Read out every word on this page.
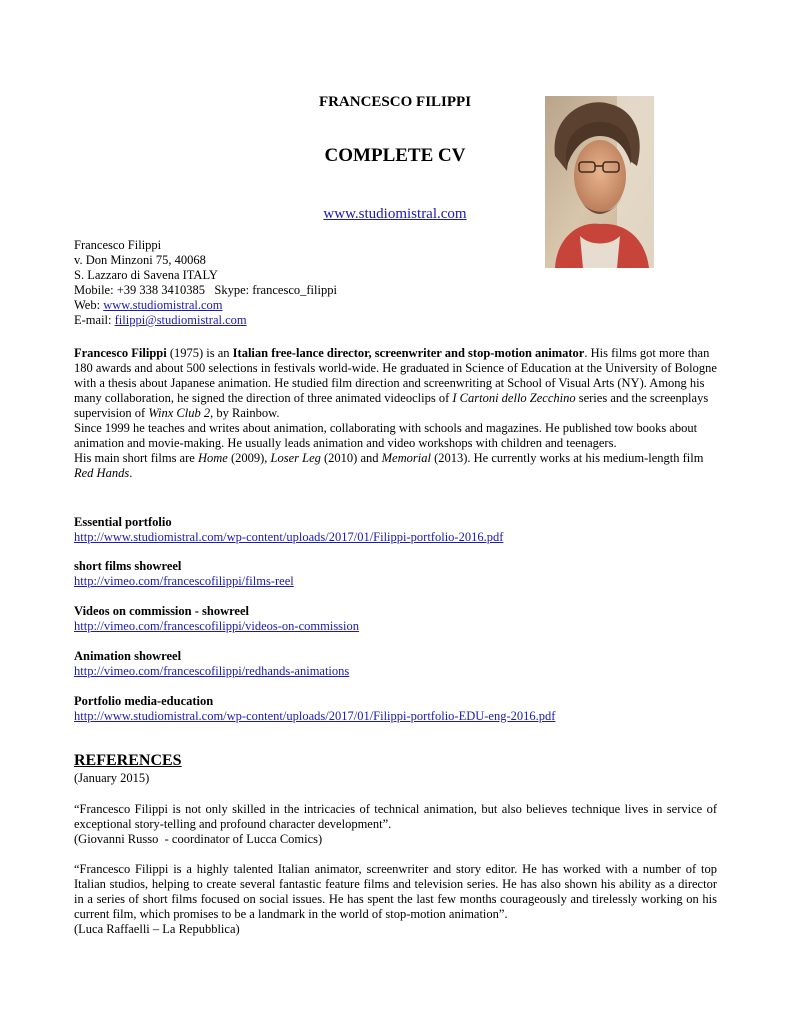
FRANCESCO FILIPPI
COMPLETE CV
www.studiomistral.com
Francesco Filippi
v. Don Minzoni 75, 40068
S. Lazzaro di Savena ITALY
Mobile: +39 338 3410385   Skype: francesco_filippi
Web: www.studiomistral.com
E-mail: filippi@studiomistral.com

Francesco Filippi (1975) is an Italian free-lance director, screenwriter and stop-motion animator. His films got more than 180 awards and about 500 selections in festivals world-wide. He graduated in Science of Education at the University of Bologne with a thesis about Japanese animation. He studied film direction and screenwriting at School of Visual Arts (NY). Among his many collaboration, he signed the direction of three animated videoclips of I Cartoni dello Zecchino series and the screenplays supervision of Winx Club 2, by Rainbow.

Since 1999 he teaches and writes about animation, collaborating with schools and magazines. He published tow books about animation and movie-making. He usually leads animation and video workshops with children and teenagers.

His main short films are Home (2009), Loser Leg (2010) and Memorial (2013). He currently works at his medium-length film Red Hands.

Essential portfolio
http://www.studiomistral.com/wp-content/uploads/2017/01/Filippi-portfolio-2016.pdf
short films showreel
http://vimeo.com/francescofilippi/films-reel
Videos on commission - showreel
http://vimeo.com/francescofilippi/videos-on-commission
Animation showreel
http://vimeo.com/francescofilippi/redhands-animations
Portfolio media-education
http://www.studiomistral.com/wp-content/uploads/2017/01/Filippi-portfolio-EDU-eng-2016.pdf
REFERENCES
(January 2015)

“Francesco Filippi is not only skilled in the intricacies of technical animation, but also believes technique lives in service of exceptional story-telling and profound character development”.

(Giovanni Russo  - coordinator of Lucca Comics)

“Francesco Filippi is a highly talented Italian animator, screenwriter and story editor. He has worked with a number of top Italian studios, helping to create several fantastic feature films and television series. He has also shown his ability as a director in a series of short films focused on social issues. He has spent the last few months courageously and tirelessly working on his current film, which promises to be a landmark in the world of stop-motion animation”.

(Luca Raffaelli – La Repubblica)
